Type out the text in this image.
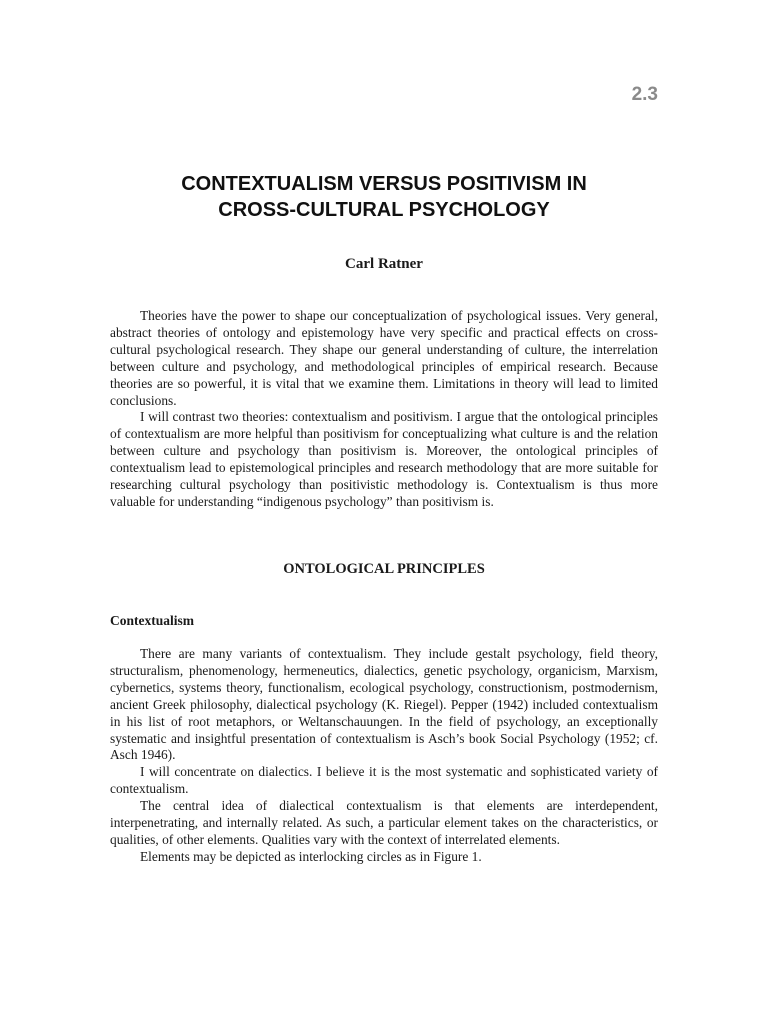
2.3
CONTEXTUALISM VERSUS POSITIVISM IN
CROSS-CULTURAL PSYCHOLOGY
Carl Ratner

Theories have the power to shape our conceptualization of psychological issues. Very general, abstract theories of ontology and epistemology have very specific and practical effects on cross-cultural psychological research. They shape our general understanding of culture, the interrelation between culture and psychology, and methodological principles of empirical research. Because theories are so powerful, it is vital that we examine them. Limitations in theory will lead to limited conclusions.

I will contrast two theories: contextualism and positivism. I argue that the ontological principles of contextualism are more helpful than positivism for conceptualizing what culture is and the relation between culture and psychology than positivism is. Moreover, the ontological principles of contextualism lead to epistemological principles and research methodology that are more suitable for researching cultural psychology than positivistic methodology is. Contextualism is thus more valuable for understanding “indigenous psychology” than positivism is.

ONTOLOGICAL PRINCIPLES
Contextualism

There are many variants of contextualism. They include gestalt psychology, field theory, structuralism, phenomenology, hermeneutics, dialectics, genetic psychology, organicism, Marxism, cybernetics, systems theory, functionalism, ecological psychology, constructionism, postmodernism, ancient Greek philosophy, dialectical psychology (K. Riegel). Pepper (1942) included contextualism in his list of root metaphors, or Weltanschauungen. In the field of psychology, an exceptionally systematic and insightful presentation of contextualism is Asch’s book Social Psychology (1952; cf. Asch 1946).

I will concentrate on dialectics. I believe it is the most systematic and sophisticated variety of contextualism.

The central idea of dialectical contextualism is that elements are interdependent, interpenetrating, and internally related. As such, a particular element takes on the characteristics, or qualities, of other elements. Qualities vary with the context of interrelated elements.

Elements may be depicted as interlocking circles as in Figure 1.
